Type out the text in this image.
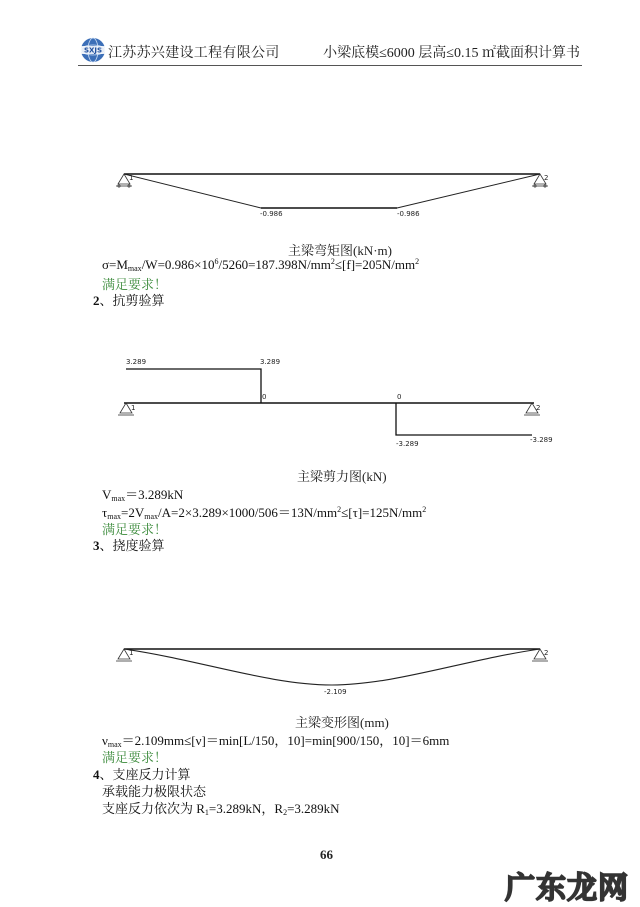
SXJS 江苏苏兴建设工程有限公司	小梁底模≤6000 层高≤0.15 ㎡截面积计算书
1	2
-0.986	-0.986
主梁弯矩图(kN·m)
$\sigma=M_{max}/W=0.986\times 10^6/5260=187.398N/mm^2\le[f]=205N/mm^2$
满足要求！
2、抗剪验算
1	2
3.289	3.289
0	0
-3.289	-3.289
主梁剪力图(kN)
$V_{max}=3.289kN$
$\tau_{max}=2V_{max}/A=2\times 3.289\times 1000/506=13N/mm^2\le[\tau]=125N/mm^2$
满足要求！
3、挠度验算
1	2
-2.109
主梁变形图(mm)
$\nu_{max}=2.109mm\le[\nu]=\min[L/150$，10]=min[900/150，10]＝6mm
满足要求！
4、支座反力计算
承载能力极限状态
支座反力依次为 $R_1=3.289kN$，$R_2=3.289kN$
66
广东龙网
